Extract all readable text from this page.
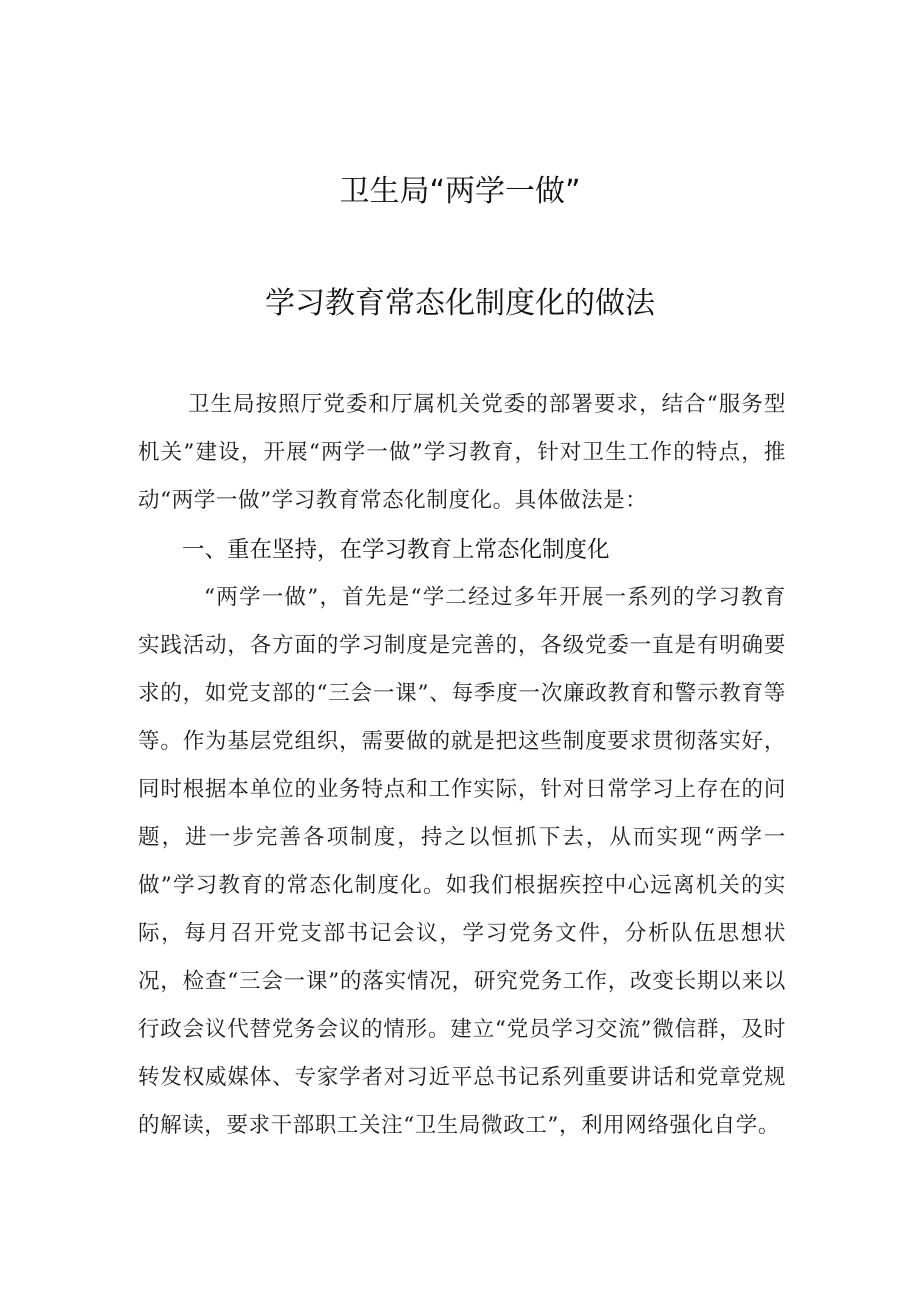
卫生局“两学一做”
学习教育常态化制度化的做法

卫生局按照厅党委和厅属机关党委的部署要求，结合“服务型机关”建设，开展“两学一做”学习教育，针对卫生工作的特点，推动“两学一做”学习教育常态化制度化。具体做法是：

一、重在坚持，在学习教育上常态化制度化

“两学一做”，首先是“学二经过多年开展一系列的学习教育实践活动，各方面的学习制度是完善的，各级党委一直是有明确要求的，如党支部的“三会一课”、每季度一次廉政教育和警示教育等等。作为基层党组织，需要做的就是把这些制度要求贯彻落实好，同时根据本单位的业务特点和工作实际，针对日常学习上存在的问题，进一步完善各项制度，持之以恒抓下去，从而实现“两学一做”学习教育的常态化制度化。如我们根据疾控中心远离机关的实际，每月召开党支部书记会议，学习党务文件，分析队伍思想状况，检查“三会一课”的落实情况，研究党务工作，改变长期以来以行政会议代替党务会议的情形。建立“党员学习交流”微信群，及时转发权威媒体、专家学者对习近平总书记系列重要讲话和党章党规的解读，要求干部职工关注“卫生局微政工”，利用网络强化自学。
